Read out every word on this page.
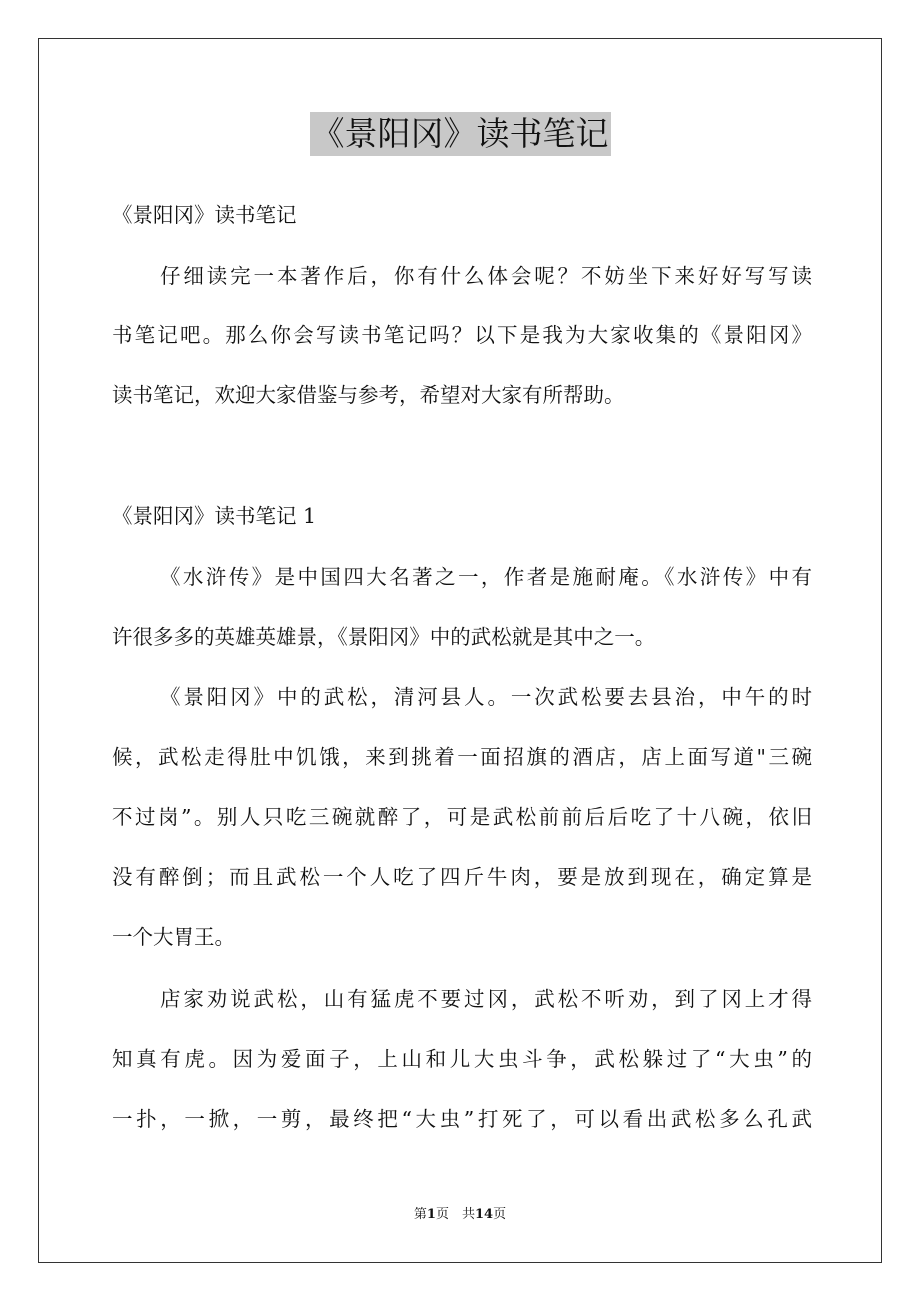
《景阳冈》读书笔记
《景阳冈》读书笔记
仔细读完一本著作后，你有什么体会呢？不妨坐下来好好写写读
书笔记吧。那么你会写读书笔记吗？以下是我为大家收集的《景阳冈》
读书笔记，欢迎大家借鉴与参考，希望对大家有所帮助。
《景阳冈》读书笔记 1
《水浒传》是中国四大名著之一，作者是施耐庵。《水浒传》中有
许很多多的英雄英雄景，《景阳冈》中的武松就是其中之一。
《景阳冈》中的武松，清河县人。一次武松要去县治，中午的时
候，武松走得肚中饥饿，来到挑着一面招旗的酒店，店上面写道"三碗
不过岗”。别人只吃三碗就醉了，可是武松前前后后吃了十八碗，依旧
没有醉倒；而且武松一个人吃了四斤牛肉，要是放到现在，确定算是
一个大胃王。
店家劝说武松，山有猛虎不要过冈，武松不听劝，到了冈上才得
知真有虎。因为爱面子，上山和儿大虫斗争，武松躲过了“大虫”的
一扑，一掀，一剪，最终把“大虫”打死了，可以看出武松多么孔武
第1页　共14页
